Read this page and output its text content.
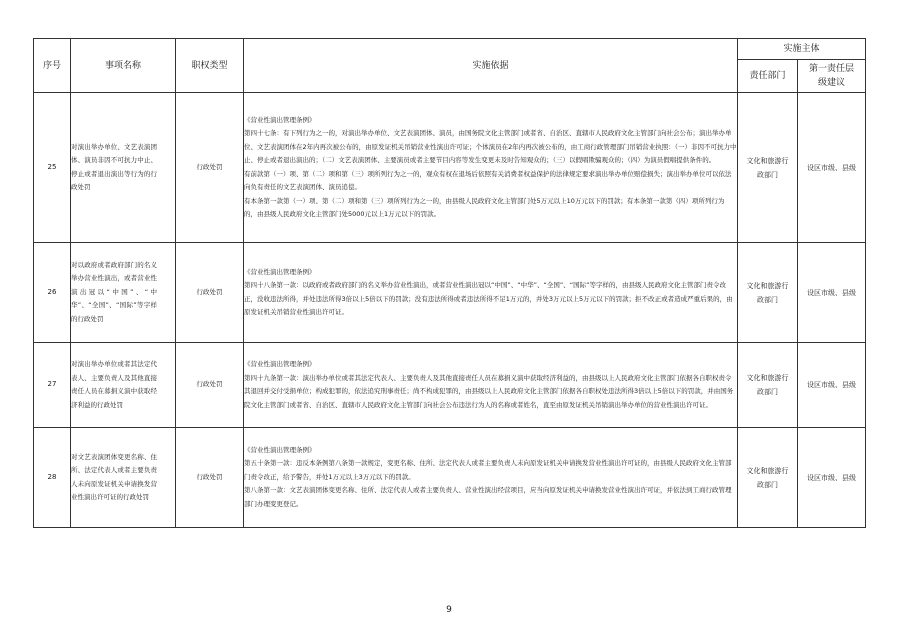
序号	事项名称	职权类型	实施依据	实施主体	
				责任部门	第一责任层级建议
25	对演出举办单位、文艺表演团体、演员非因不可抗力中止、停止或者退出演出等行为的行政处罚	行政处罚	《营业性演出管理条例》
第四十七条：有下列行为之一的，对演出举办单位、文艺表演团体、演员，由国务院文化主管部门或者省、自治区、直辖市人民政府文化主管部门向社会公布；演出举办单位、文艺表演团体在2年内再次被公布的，由原发证机关吊销营业性演出许可证；个体演员在2年内再次被公布的，由工商行政管理部门吊销营业执照：（一）非因不可抗力中止、停止或者退出演出的；（二）文艺表演团体、主要演员或者主要节目内容等发生变更未及时告知观众的；（三）以假唱欺骗观众的；（四）为演员假唱提供条件的。
有前款第（一）项、第（二）项和第（三）项所列行为之一的，观众有权在退场后依照有关消费者权益保护的法律规定要求演出举办单位赔偿损失；演出举办单位可以依法向负有责任的文艺表演团体、演员追偿。
有本条第一款第（一）项、第（二）项和第（三）项所列行为之一的，由县级人民政府文化主管部门处5万元以上10万元以下的罚款；有本条第一款第（四）项所列行为的，由县级人民政府文化主管部门处5000元以上1万元以下的罚款。	文化和旅游行政部门	设区市级、县级

26	对以政府或者政府部门的名义举办营业性演出，或者营业性演出冠以“中国”、“中华”、“全国”、“国际”等字样的行政处罚	行政处罚	《营业性演出管理条例》
第四十八条第一款：以政府或者政府部门的名义举办营业性演出，或者营业性演出冠以“中国”、“中华”、“全国”、“国际”等字样的，由县级人民政府文化主管部门责令改正，没收违法所得，并处违法所得3倍以上5倍以下的罚款；没有违法所得或者违法所得不足1万元的，并处3万元以上5万元以下的罚款；拒不改正或者造成严重后果的，由原发证机关吊销营业性演出许可证。	文化和旅游行政部门	设区市级、县级

27	对演出举办单位或者其法定代表人、主要负责人及其他直接责任人员在募捐义演中获取经济利益的行政处罚	行政处罚	《营业性演出管理条例》
第四十九条第一款：演出举办单位或者其法定代表人、主要负责人及其他直接责任人员在募捐义演中获取经济利益的，由县级以上人民政府文化主管部门依据各自职权责令其退回并交付受捐单位；构成犯罪的，依法追究刑事责任；尚不构成犯罪的，由县级以上人民政府文化主管部门依据各自职权处违法所得3倍以上5倍以下的罚款，并由国务院文化主管部门或者省、自治区、直辖市人民政府文化主管部门向社会公布违法行为人的名称或者姓名，直至由原发证机关吊销演出举办单位的营业性演出许可证。	文化和旅游行政部门	设区市级、县级

28	对文艺表演团体变更名称、住所、法定代表人或者主要负责人未向原发证机关申请换发营业性演出许可证的行政处罚	行政处罚	《营业性演出管理条例》
第五十条第一款：违反本条例第八条第一款规定，变更名称、住所、法定代表人或者主要负责人未向原发证机关申请换发营业性演出许可证的，由县级人民政府文化主管部门责令改正，给予警告，并处1万元以上3万元以下的罚款。
第八条第一款：文艺表演团体变更名称、住所、法定代表人或者主要负责人、营业性演出经营项目，应当向原发证机关申请换发营业性演出许可证，并依法到工商行政管理部门办理变更登记。	文化和旅游行政部门	设区市级、县级
9
